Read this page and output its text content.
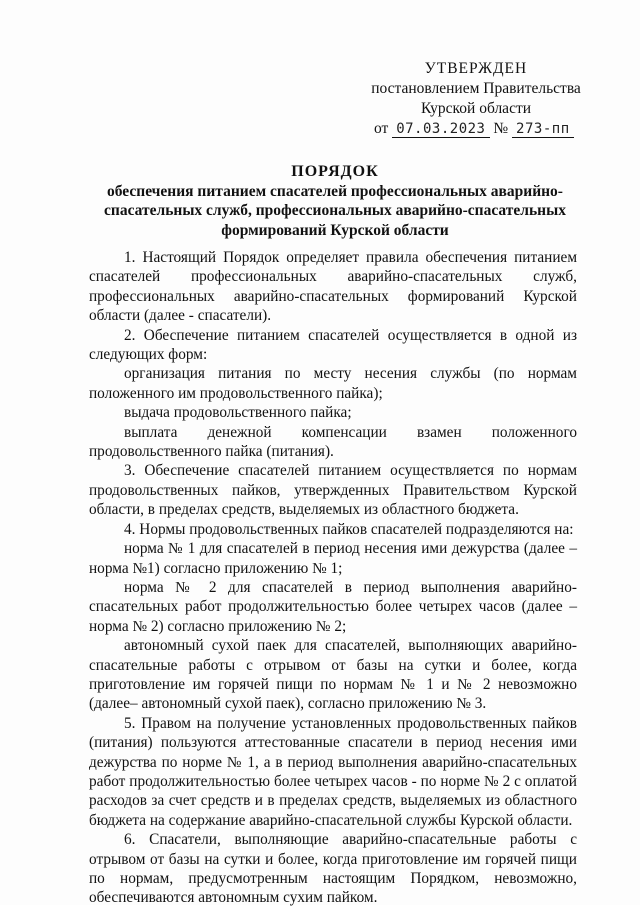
УТВЕРЖДЕН
постановлением Правительства
Курской области
от 07.03.2023 № 273-пп
ПОРЯДОК
обеспечения питанием спасателей профессиональных аварийно-спасательных служб, профессиональных аварийно-спасательных формирований Курской области

1. Настоящий Порядок определяет правила обеспечения питанием спасателей профессиональных аварийно-спасательных служб, профессиональных аварийно-спасательных формирований Курской области (далее - спасатели).

2. Обеспечение питанием спасателей осуществляется в одной из следующих форм:

организация питания по месту несения службы (по нормам положенного им продовольственного пайка);

выдача продовольственного пайка;

выплата денежной компенсации взамен положенного продовольственного пайка (питания).

3. Обеспечение спасателей питанием осуществляется по нормам продовольственных пайков, утвержденных Правительством Курской области, в пределах средств, выделяемых из областного бюджета.

4. Нормы продовольственных пайков спасателей подразделяются на:

норма № 1 для спасателей в период несения ими дежурства (далее – норма №1) согласно приложению № 1;

норма № 2 для спасателей в период выполнения аварийно-спасательных работ продолжительностью более четырех часов (далее – норма № 2) согласно приложению № 2;

автономный сухой паек для спасателей, выполняющих аварийно-спасательные работы с отрывом от базы на сутки и более, когда приготовление им горячей пищи по нормам № 1 и № 2 невозможно (далее– автономный сухой паек), согласно приложению № 3.

5. Правом на получение установленных продовольственных пайков (питания) пользуются аттестованные спасатели в период несения ими дежурства по норме № 1, а в период выполнения аварийно-спасательных работ продолжительностью более четырех часов - по норме № 2 с оплатой расходов за счет средств и в пределах средств, выделяемых из областного бюджета на содержание аварийно-спасательной службы Курской области.

6. Спасатели, выполняющие аварийно-спасательные работы с отрывом от базы на сутки и более, когда приготовление им горячей пищи по нормам, предусмотренным настоящим Порядком, невозможно, обеспечиваются автономным сухим пайком.
